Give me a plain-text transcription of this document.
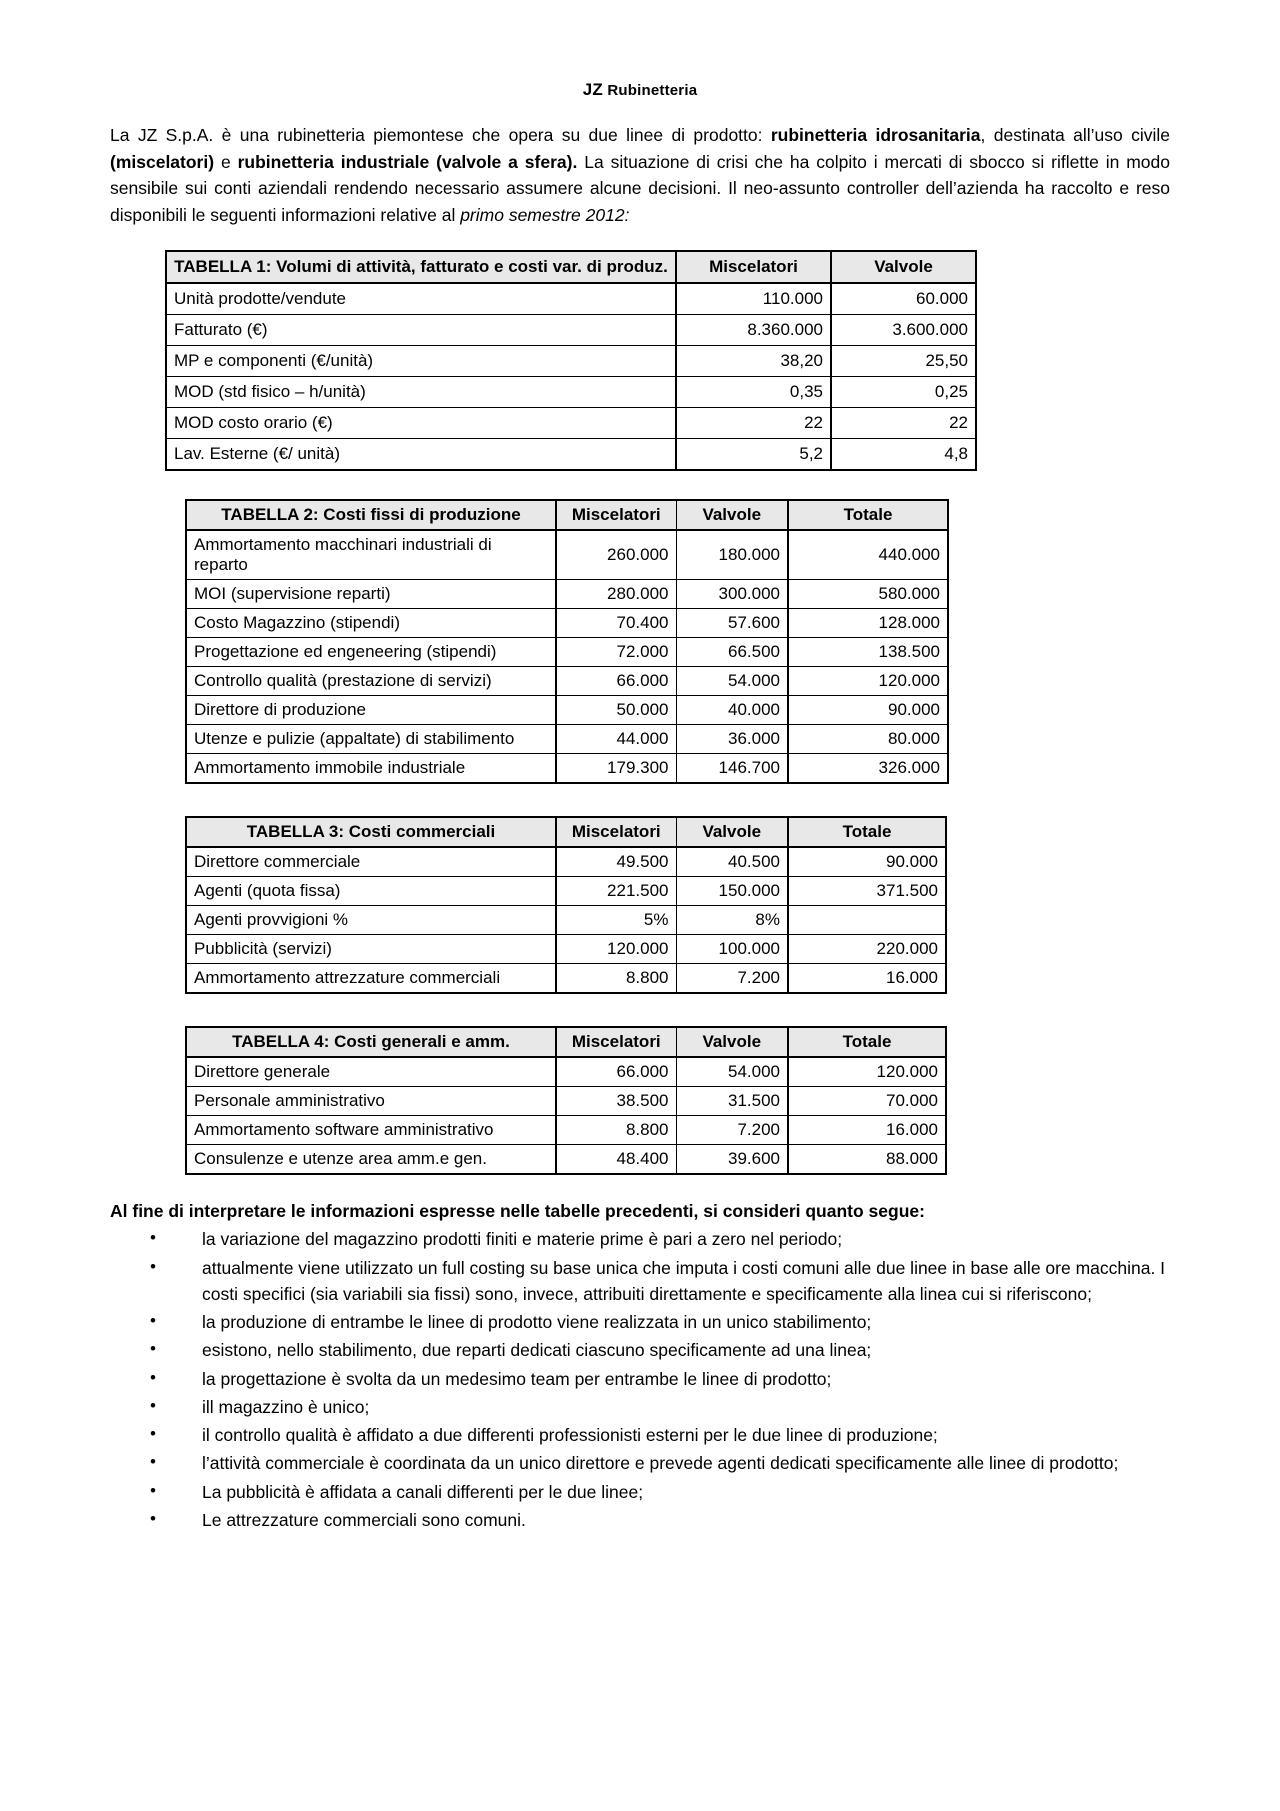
JZ Rubinetteria

La JZ S.p.A. è una rubinetteria piemontese che opera su due linee di prodotto: rubinetteria idrosanitaria, destinata all’uso civile (miscelatori) e rubinetteria industriale (valvole a sfera). La situazione di crisi che ha colpito i mercati di sbocco si riflette in modo sensibile sui conti aziendali rendendo necessario assumere alcune decisioni. Il neo-assunto controller dell’azienda ha raccolto e reso disponibili le seguenti informazioni relative al primo semestre 2012:

TABELLA 1: Volumi di attività, fatturato e costi var. di produz.	Miscelatori	Valvole
Unità prodotte/vendute	110.000	60.000
Fatturato (€)	8.360.000	3.600.000
MP e componenti (€/unità)	38,20	25,50
MOD (std fisico – h/unità)	0,35	0,25
MOD costo orario (€)	22	22
Lav. Esterne (€/ unità)	5,2	4,8
TABELLA 2: Costi fissi di produzione	Miscelatori	Valvole	Totale
Ammortamento macchinari industriali di reparto	260.000	180.000	440.000
MOI (supervisione reparti)	280.000	300.000	580.000
Costo Magazzino (stipendi)	70.400	57.600	128.000
Progettazione ed engeneering (stipendi)	72.000	66.500	138.500
Controllo qualità (prestazione di servizi)	66.000	54.000	120.000
Direttore di produzione	50.000	40.000	90.000
Utenze e pulizie (appaltate) di stabilimento	44.000	36.000	80.000
Ammortamento immobile industriale	179.300	146.700	326.000
TABELLA 3: Costi commerciali	Miscelatori	Valvole	Totale
Direttore commerciale	49.500	40.500	90.000
Agenti (quota fissa)	221.500	150.000	371.500
Agenti provvigioni %	5%	8%	
Pubblicità (servizi)	120.000	100.000	220.000
Ammortamento attrezzature commerciali	8.800	7.200	16.000
TABELLA 4: Costi generali e amm.	Miscelatori	Valvole	Totale
Direttore generale	66.000	54.000	120.000
Personale amministrativo	38.500	31.500	70.000
Ammortamento software amministrativo	8.800	7.200	16.000
Consulenze e utenze area amm.e gen.	48.400	39.600	88.000
Al fine di interpretare le informazioni espresse nelle tabelle precedenti, si consideri quanto segue:
• la variazione del magazzino prodotti finiti e materie prime è pari a zero nel periodo;
• attualmente viene utilizzato un full costing su base unica che imputa i costi comuni alle due linee in base alle ore macchina. I costi specifici (sia variabili sia fissi) sono, invece, attribuiti direttamente e specificamente alla linea cui si riferiscono;
• la produzione di entrambe le linee di prodotto viene realizzata in un unico stabilimento;
• esistono, nello stabilimento, due reparti dedicati ciascuno specificamente ad una linea;
• la progettazione è svolta da un medesimo team per entrambe le linee di prodotto;
• ill magazzino è unico;
• il controllo qualità è affidato a due differenti professionisti esterni per le due linee di produzione;
• l’attività commerciale è coordinata da un unico direttore e prevede agenti dedicati specificamente alle linee di prodotto;
• La pubblicità è affidata a canali differenti per le due linee;
• Le attrezzature commerciali sono comuni.
